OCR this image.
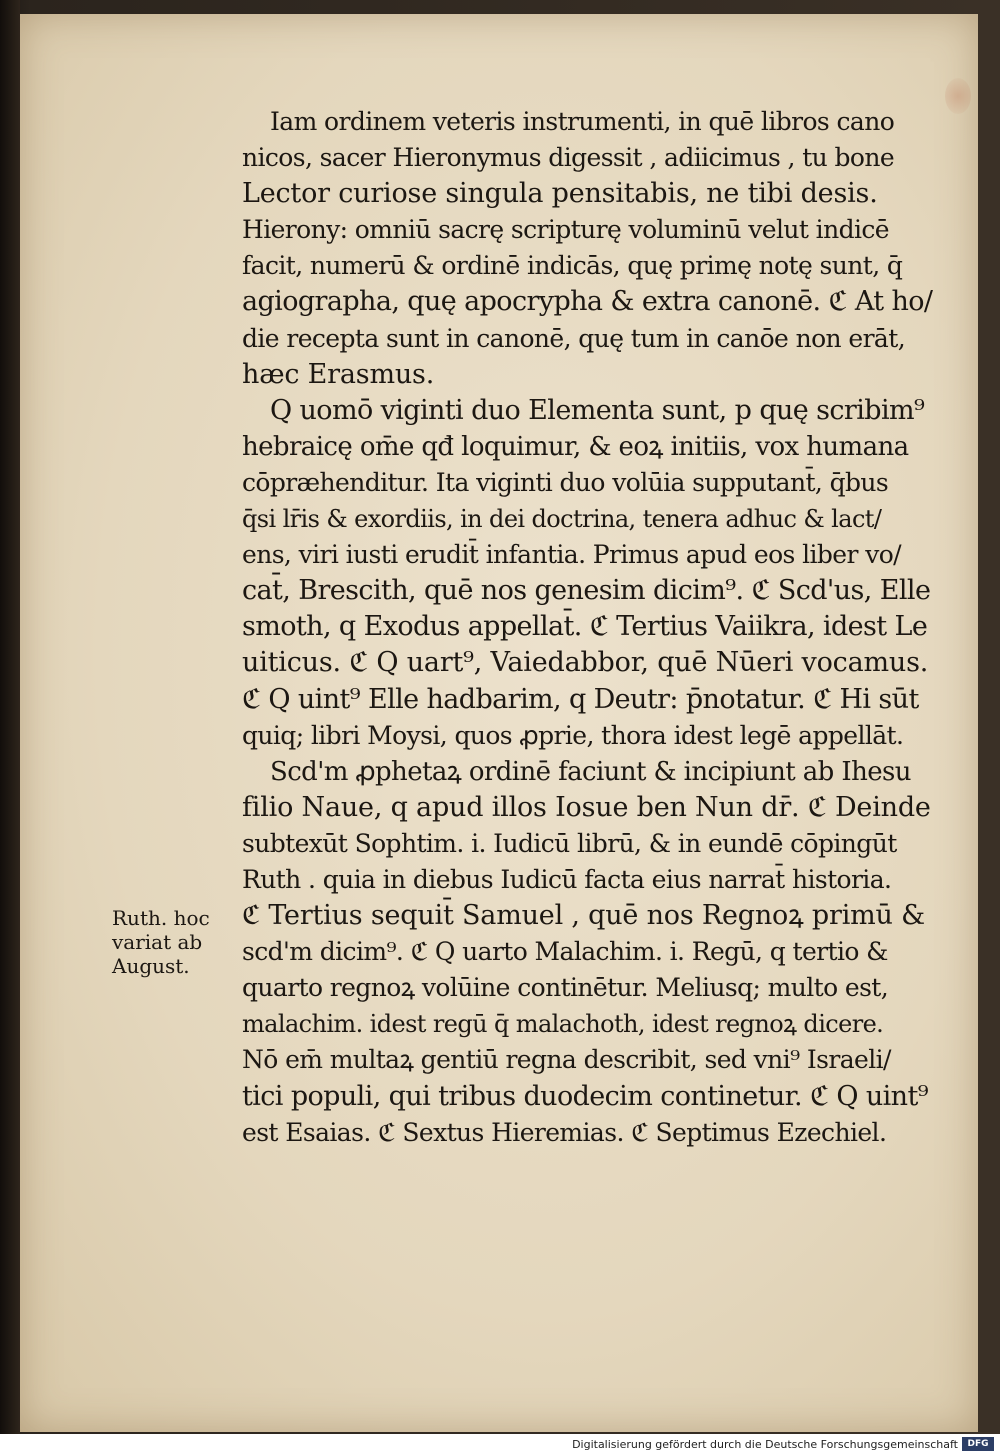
Iam ordinem veteris instrumenti, in quē libros cano
nicos, sacer Hieronymus digessit , adiicimus , tu bone
Lector curiose singula pensitabis, ne tibi desis.
Hierony: omniū sacrę scripturę voluminū velut indicē
facit, numerū & ordinē indicās, quę primę notę sunt, q̄
agiographa, quę apocrypha & extra canonē. ℭ At ho/
die recepta sunt in canonē, quę tum in canōe non erāt,
hæc Erasmus.
Q uomō viginti duo Elementa sunt, p quę scribim⁹
hebraicę om̄e qđ loquimur, & eoꝝ initiis, vox humana
cōpræhenditur. Ita viginti duo volūia supputant̄, q̄bus
q̄si lr̄is & exordiis, in dei doctrina, tenera adhuc & lact/
ens, viri iusti erudit̄ infantia. Primus apud eos liber vo/
cat̄, Brescith, quē nos genesim dicim⁹. ℭ Scd'us, Elle
smoth, q Exodus appellat̄. ℭ Tertius Vaiikra, idest Le
uiticus. ℭ Q uart⁹, Vaiedabbor, quē Nūeri vocamus.
ℭ Q uint⁹ Elle hadbarim, q Deutr: p̄notatur. ℭ Hi sūt
quiq; libri Moysi, quos ꝓprie, thora idest legē appellāt.
Scd'm ꝓphetaꝝ ordinē faciunt & incipiunt ab Ihesu
filio Naue, q apud illos Iosue ben Nun dr̄. ℭ Deinde
subtexūt Sophtim. i. Iudicū librū, & in eundē cōpingūt
Ruth . quia in diebus Iudicū facta eius narrat̄ historia.
ℭ Tertius sequit̄ Samuel , quē nos Regnoꝝ primū &
scd'm dicim⁹. ℭ Q uarto Malachim. i. Regū, q tertio &
quarto regnoꝝ volūine continētur. Meliusq; multo est,
malachim. idest regū q̄ malachoth, idest regnoꝝ dicere.
Nō em̄ multaꝝ gentiū regna describit, sed vni⁹ Israeli/
tici populi, qui tribus duodecim continetur. ℭ Q uint⁹
est Esaias. ℭ Sextus Hieremias. ℭ Septimus Ezechiel.
Ruth. hoc
variat ab
August.
Digitalisierung gefördert durch die Deutsche Forschungsgemeinschaft	DFG
